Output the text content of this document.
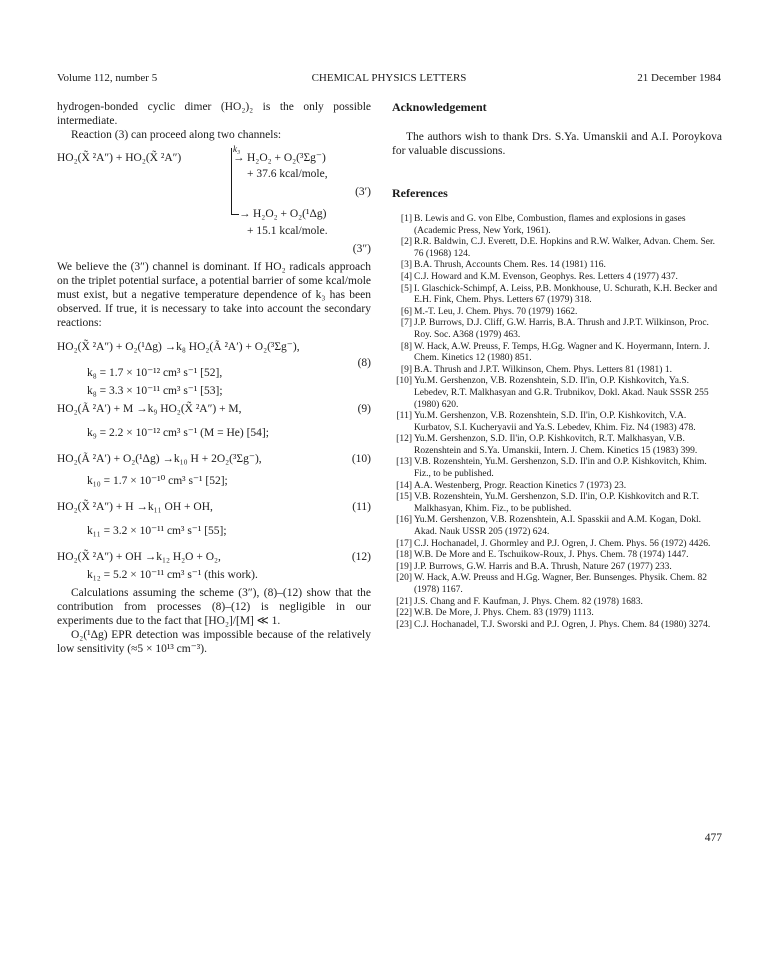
CHEMICAL PHYSICS LETTERS
Volume 112, number 5	21 December 1984

hydrogen-bonded cyclic dimer (HO₂)₂ is the only possible intermediate.

Reaction (3) can proceed along two channels:

HO₂(X̃ ²A″) + HO₂(X̃ ²A″)
k₃
→ H₂O₂ + O₂(³Σg⁻)
+ 37.6 kcal/mole,
(3′)
→ H₂O₂ + O₂(¹Δg)
+ 15.1 kcal/mole.
(3″)

We believe the (3″) channel is dominant. If HO₂ radicals approach on the triplet potential surface, a potential barrier of some kcal/mole must exist, but a negative temperature dependence of k₃ has been observed. If true, it is necessary to take into account the secondary reactions:

HO₂(X̃ ²A″) + O₂(¹Δg) →k₈ HO₂(Ã ²A′) + O₂(³Σg⁻),
(8)
k₈ = 1.7 × 10⁻¹² cm³ s⁻¹ [52],
k₈ = 3.3 × 10⁻¹¹ cm³ s⁻¹ [53];
HO₂(Ã ²A′) + M →k₉ HO₂(X̃ ²A″) + M,	(9)
k₉ = 2.2 × 10⁻¹² cm³ s⁻¹ (M = He) [54];
HO₂(Ã ²A′) + O₂(¹Δg) →k₁₀ H + 2O₂(³Σg⁻),	(10)
k₁₀ = 1.7 × 10⁻¹⁰ cm³ s⁻¹ [52];
HO₂(X̃ ²A″) + H →k₁₁ OH + OH,	(11)
k₁₁ = 3.2 × 10⁻¹¹ cm³ s⁻¹ [55];
HO₂(X̃ ²A″) + OH →k₁₂ H₂O + O₂,	(12)
k₁₂ = 5.2 × 10⁻¹¹ cm³ s⁻¹ (this work).

Calculations assuming the scheme (3″), (8)–(12) show that the contribution from processes (8)–(12) is negligible in our experiments due to the fact that [HO₂]/[M] ≪ 1.

O₂(¹Δg) EPR detection was impossible because of the relatively low sensitivity (≈5 × 10¹³ cm⁻³).

Acknowledgement

The authors wish to thank Drs. S.Ya. Umanskii and A.I. Poroykova for valuable discussions.

References
[1] B. Lewis and G. von Elbe, Combustion, flames and explosions in gases (Academic Press, New York, 1961).
[2] R.R. Baldwin, C.J. Everett, D.E. Hopkins and R.W. Walker, Advan. Chem. Ser. 76 (1968) 124.
[3] B.A. Thrush, Accounts Chem. Res. 14 (1981) 116.
[4] C.J. Howard and K.M. Evenson, Geophys. Res. Letters 4 (1977) 437.
[5] I. Glaschick-Schimpf, A. Leiss, P.B. Monkhouse, U. Schurath, K.H. Becker and E.H. Fink, Chem. Phys. Letters 67 (1979) 318.
[6] M.-T. Leu, J. Chem. Phys. 70 (1979) 1662.
[7] J.P. Burrows, D.J. Cliff, G.W. Harris, B.A. Thrush and J.P.T. Wilkinson, Proc. Roy. Soc. A368 (1979) 463.
[8] W. Hack, A.W. Preuss, F. Temps, H.Gg. Wagner and K. Hoyermann, Intern. J. Chem. Kinetics 12 (1980) 851.
[9] B.A. Thrush and J.P.T. Wilkinson, Chem. Phys. Letters 81 (1981) 1.
[10] Yu.M. Gershenzon, V.B. Rozenshtein, S.D. Il'in, O.P. Kishkovitch, Ya.S. Lebedev, R.T. Malkhasyan and G.R. Trubnikov, Dokl. Akad. Nauk SSSR 255 (1980) 620.
[11] Yu.M. Gershenzon, V.B. Rozenshtein, S.D. Il'in, O.P. Kishkovitch, V.A. Kurbatov, S.I. Kucheryavii and Ya.S. Lebedev, Khim. Fiz. N4 (1983) 478.
[12] Yu.M. Gershenzon, S.D. Il'in, O.P. Kishkovitch, R.T. Malkhasyan, V.B. Rozenshtein and S.Ya. Umanskii, Intern. J. Chem. Kinetics 15 (1983) 399.
[13] V.B. Rozenshtein, Yu.M. Gershenzon, S.D. Il'in and O.P. Kishkovitch, Khim. Fiz., to be published.
[14] A.A. Westenberg, Progr. Reaction Kinetics 7 (1973) 23.
[15] V.B. Rozenshtein, Yu.M. Gershenzon, S.D. Il'in, O.P. Kishkovitch and R.T. Malkhasyan, Khim. Fiz., to be published.
[16] Yu.M. Gershenzon, V.B. Rozenshtein, A.I. Spasskii and A.M. Kogan, Dokl. Akad. Nauk USSR 205 (1972) 624.
[17] C.J. Hochanadel, J. Ghormley and P.J. Ogren, J. Chem. Phys. 56 (1972) 4426.
[18] W.B. De More and E. Tschuikow-Roux, J. Phys. Chem. 78 (1974) 1447.
[19] J.P. Burrows, G.W. Harris and B.A. Thrush, Nature 267 (1977) 233.
[20] W. Hack, A.W. Preuss and H.Gg. Wagner, Ber. Bunsenges. Physik. Chem. 82 (1978) 1167.
[21] J.S. Chang and F. Kaufman, J. Phys. Chem. 82 (1978) 1683.
[22] W.B. De More, J. Phys. Chem. 83 (1979) 1113.
[23] C.J. Hochanadel, T.J. Sworski and P.J. Ogren, J. Phys. Chem. 84 (1980) 3274.
477
